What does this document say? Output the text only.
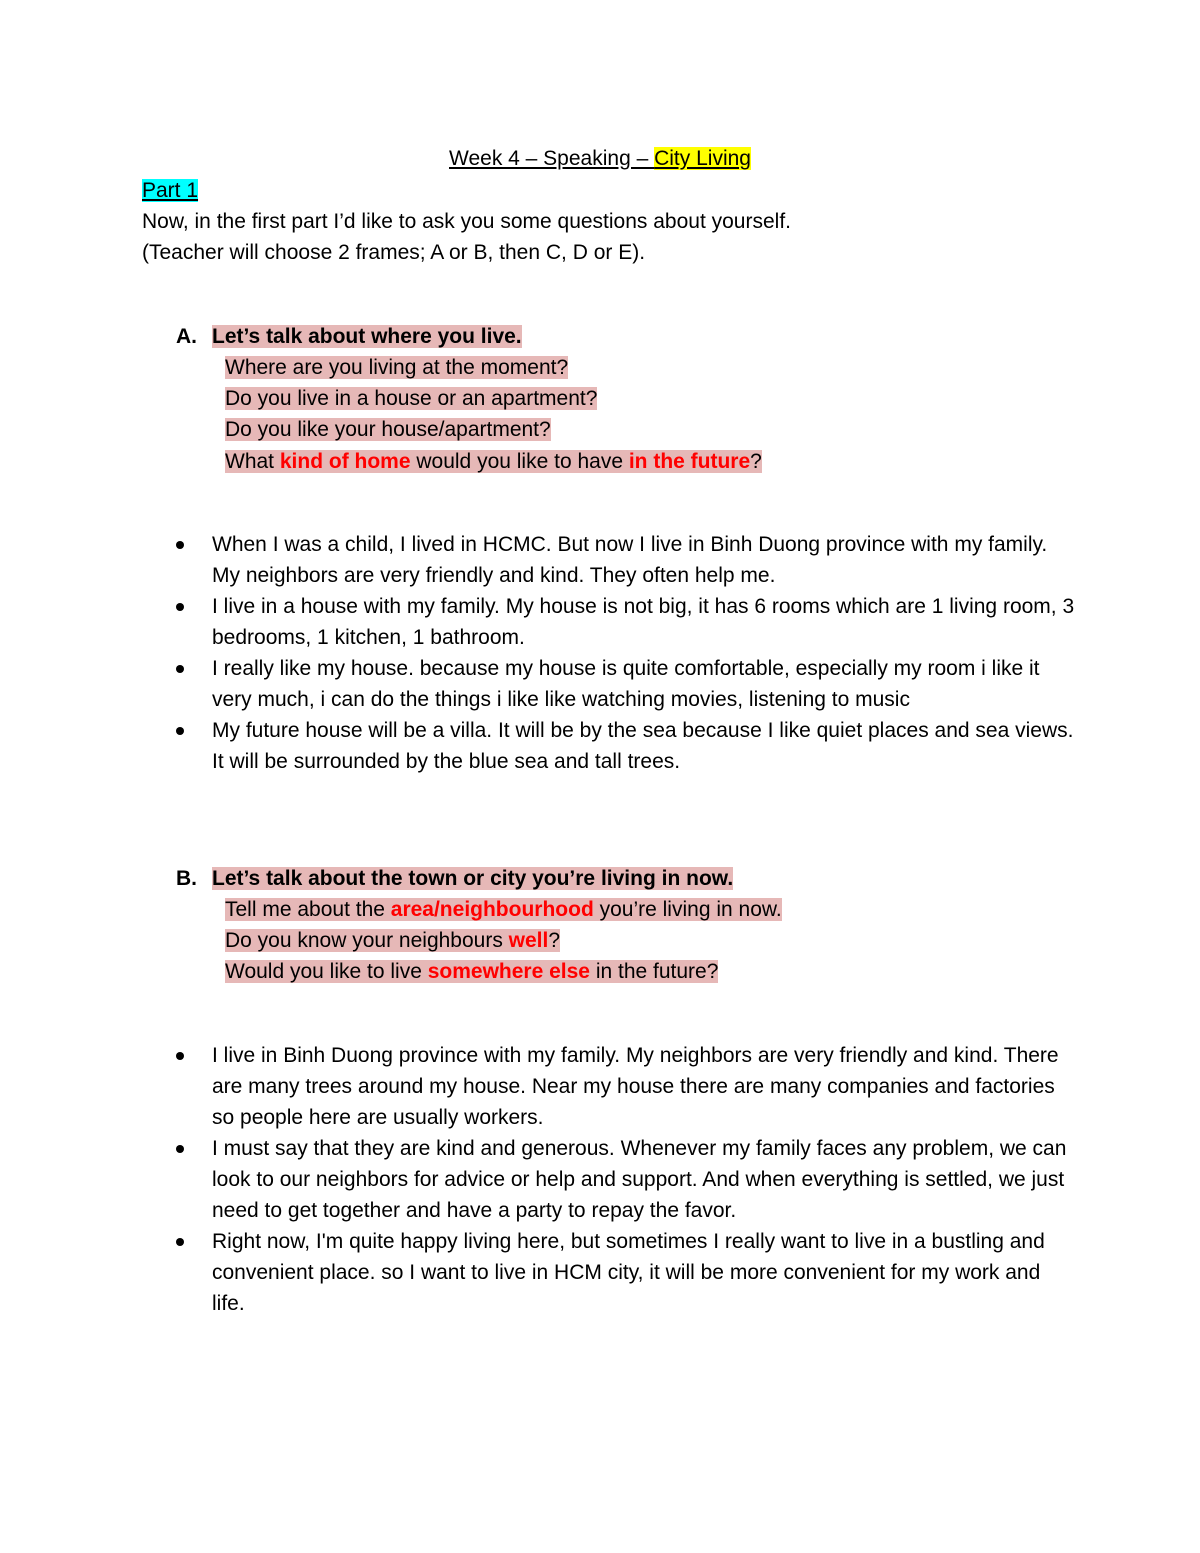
Week 4 – Speaking – City Living
Part 1
Now, in the first part I’d like to ask you some questions about yourself.
(Teacher will choose 2 frames; A or B, then C, D or E).
A. Let’s talk about where you live.
Where are you living at the moment?
Do you live in a house or an apartment?
Do you like your house/apartment?
What kind of home would you like to have in the future?
When I was a child, I lived in HCMC. But now I live in Binh Duong province with my family. My neighbors are very friendly and kind. They often help me.
I live in a house with my family. My house is not big, it has 6 rooms which are 1 living room, 3 bedrooms, 1 kitchen, 1 bathroom.
I really like my house. because my house is quite comfortable, especially my room i like it very much, i can do the things i like like watching movies, listening to music
My future house will be a villa. It will be by the sea because I like quiet places and sea views. It will be surrounded by the blue sea and tall trees.
B. Let’s talk about the town or city you’re living in now.
Tell me about the area/neighbourhood you’re living in now.
Do you know your neighbours well?
Would you like to live somewhere else in the future?
I live in Binh Duong province with my family. My neighbors are very friendly and kind. There are many trees around my house. Near my house there are many companies and factories so people here are usually workers.
I must say that they are kind and generous. Whenever my family faces any problem, we can look to our neighbors for advice or help and support. And when everything is settled, we just need to get together and have a party to repay the favor.
Right now, I'm quite happy living here, but sometimes I really want to live in a bustling and convenient place. so I want to live in HCM city, it will be more convenient for my work and life.
